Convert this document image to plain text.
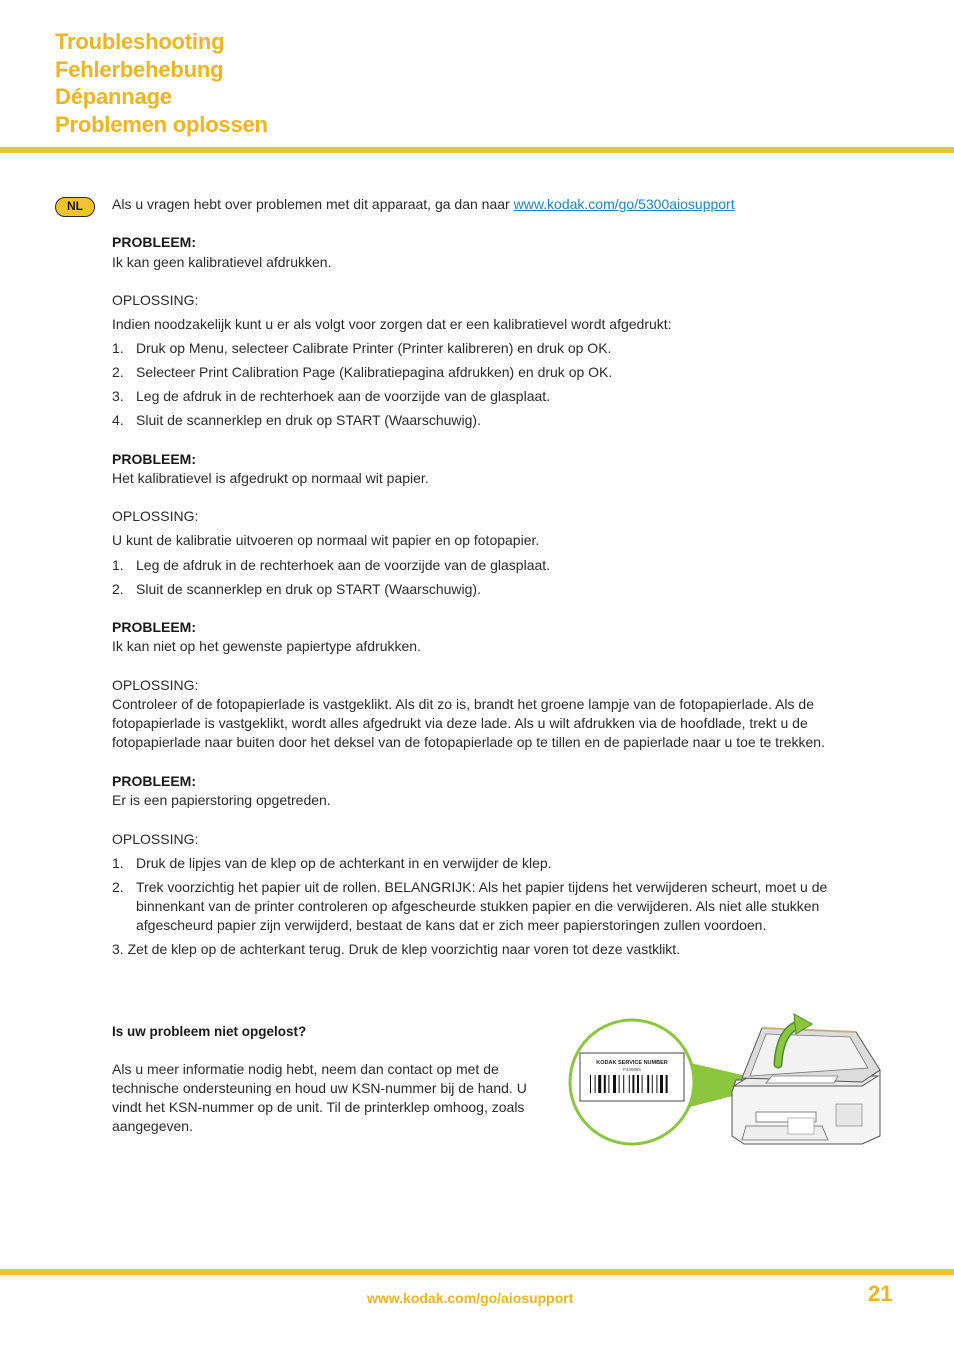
Troubleshooting
Fehlerbehebung
Dépannage
Problemen oplossen
NL	Als u vragen hebt over problemen met dit apparaat, ga dan naar www.kodak.com/go/5300aiosupport
PROBLEEM:
Ik kan geen kalibratievel afdrukken.
OPLOSSING:
Indien noodzakelijk kunt u er als volgt voor zorgen dat er een kalibratievel wordt afgedrukt:
1. Druk op Menu, selecteer Calibrate Printer (Printer kalibreren) en druk op OK.
2. Selecteer Print Calibration Page (Kalibratiepagina afdrukken) en druk op OK.
3. Leg de afdruk in de rechterhoek aan de voorzijde van de glasplaat.
4. Sluit de scannerklep en druk op START (Waarschuwig).
PROBLEEM:
Het kalibratievel is afgedrukt op normaal wit papier.
OPLOSSING:
U kunt de kalibratie uitvoeren op normaal wit papier en op fotopapier.
1. Leg de afdruk in de rechterhoek aan de voorzijde van de glasplaat.
2. Sluit de scannerklep en druk op START (Waarschuwig).
PROBLEEM:
Ik kan niet op het gewenste papiertype afdrukken.
OPLOSSING:
Controleer of de fotopapierlade is vastgeklikt. Als dit zo is, brandt het groene lampje van de fotopapierlade. Als de fotopapierlade is vastgeklikt, wordt alles afgedrukt via deze lade. Als u wilt afdrukken via de hoofdlade, trekt u de fotopapierlade naar buiten door het deksel van de fotopapierlade op te tillen en de papierlade naar u toe te trekken.
PROBLEEM:
Er is een papierstoring opgetreden.
OPLOSSING:
1. Druk de lipjes van de klep op de achterkant in en verwijder de klep.
2. Trek voorzichtig het papier uit de rollen. BELANGRIJK: Als het papier tijdens het verwijderen scheurt, moet u de binnenkant van de printer controleren op afgescheurde stukken papier en die verwijderen. Als niet alle stukken afgescheurd papier zijn verwijderd, bestaat de kans dat er zich meer papierstoringen zullen voordoen.
3. Zet de klep op de achterkant terug. Druk de klep voorzichtig naar voren tot deze vastklikt.
Is uw probleem niet opgelost?
Als u meer informatie nodig hebt, neem dan contact op met de technische ondersteuning en houd uw KSN-nummer bij de hand. U vindt het KSN-nummer op de unit. Til de printerklep omhoog, zoals aangegeven.
KODAK SERVICE NUMBER
F330065
www.kodak.com/go/aiosupport	21
